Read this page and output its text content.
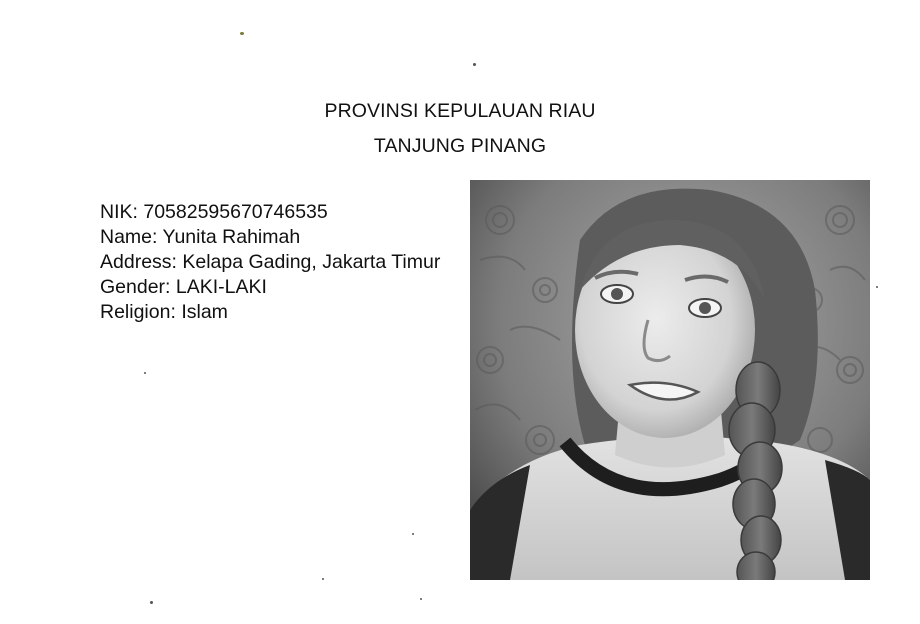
PROVINSI KEPULAUAN RIAU
TANJUNG PINANG
NIK: 70582595670746535
Name: Yunita Rahimah
Address: Kelapa Gading, Jakarta Timur
Gender: LAKI-LAKI
Religion: Islam
